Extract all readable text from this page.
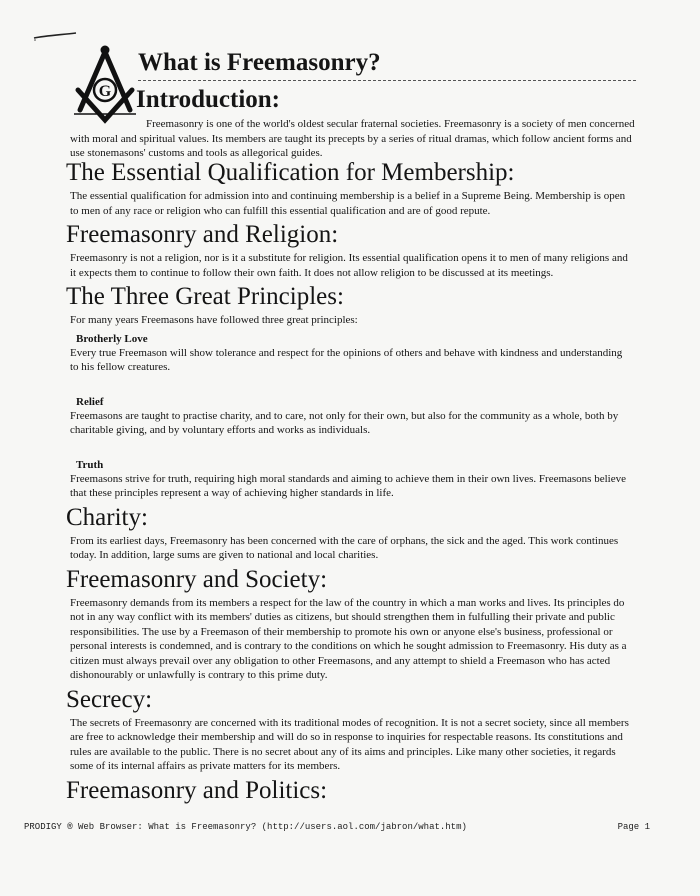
G
What is Freemasonry?
Introduction:

Freemasonry is one of the world's oldest secular fraternal societies. Freemasonry is a society of men concerned with moral and spiritual values. Its members are taught its precepts by a series of ritual dramas, which follow ancient forms and use stonemasons' customs and tools as allegorical guides.

The Essential Qualification for Membership:

The essential qualification for admission into and continuing membership is a belief in a Supreme Being. Membership is open to men of any race or religion who can fulfill this essential qualification and are of good repute.

Freemasonry and Religion:

Freemasonry is not a religion, nor is it a substitute for religion. Its essential qualification opens it to men of many religions and it expects them to continue to follow their own faith. It does not allow religion to be discussed at its meetings.

The Three Great Principles:

For many years Freemasons have followed three great principles:

Brotherly Love

Every true Freemason will show tolerance and respect for the opinions of others and behave with kindness and understanding to his fellow creatures.

Relief

Freemasons are taught to practise charity, and to care, not only for their own, but also for the community as a whole, both by charitable giving, and by voluntary efforts and works as individuals.

Truth

Freemasons strive for truth, requiring high moral standards and aiming to achieve them in their own lives. Freemasons believe that these principles represent a way of achieving higher standards in life.

Charity:

From its earliest days, Freemasonry has been concerned with the care of orphans, the sick and the aged. This work continues today. In addition, large sums are given to national and local charities.

Freemasonry and Society:

Freemasonry demands from its members a respect for the law of the country in which a man works and lives. Its principles do not in any way conflict with its members' duties as citizens, but should strengthen them in fulfulling their private and public responsibilities. The use by a Freemason of their membership to promote his own or anyone else's business, professional or personal interests is condemned, and is contrary to the conditions on which he sought admission to Freemasonry. His duty as a citizen must always prevail over any obligation to other Freemasons, and any attempt to shield a Freemason who has acted dishonourably or unlawfully is contrary to this prime duty.

Secrecy:

The secrets of Freemasonry are concerned with its traditional modes of recognition. It is not a secret society, since all members are free to acknowledge their membership and will do so in response to inquiries for respectable reasons. Its constitutions and rules are available to the public. There is no secret about any of its aims and principles. Like many other societies, it regards some of its internal affairs as private matters for its members.

Freemasonry and Politics:
PRODIGY ® Web Browser: What is Freemasonry? (http://users.aol.com/jabron/what.htm)	Page 1
